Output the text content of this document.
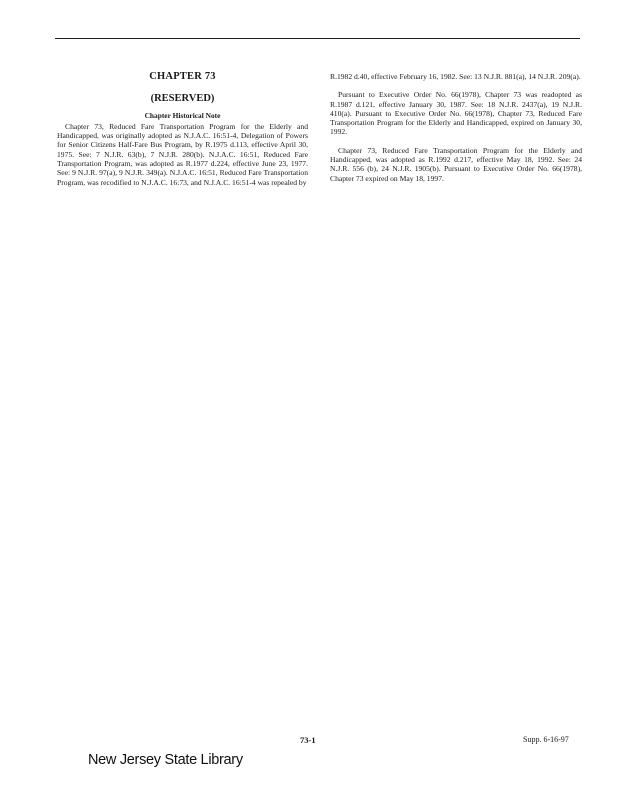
CHAPTER 73
(RESERVED)
Chapter Historical Note

Chapter 73, Reduced Fare Transportation Program for the Elderly and Handicapped, was originally adopted as N.J.A.C. 16:51-4, Delegation of Powers for Senior Citizens Half-Fare Bus Program, by R.1975 d.113, effective April 30, 1975. See: 7 N.J.R. 63(b), 7 N.J.R. 280(b). N.J.A.C. 16:51, Reduced Fare Transportation Program, was adopted as R.1977 d.224, effective June 23, 1977. See: 9 N.J.R. 97(a), 9 N.J.R. 349(a). N.J.A.C. 16:51, Reduced Fare Transportation Program, was recodified to N.J.A.C. 16:73, and N.J.A.C. 16:51-4 was repealed by

R.1982 d.40, effective February 16, 1982. See: 13 N.J.R. 881(a), 14 N.J.R. 209(a).

Pursuant to Executive Order No. 66(1978), Chapter 73 was readopted as R.1987 d.121, effective January 30, 1987. See: 18 N.J.R. 2437(a), 19 N.J.R. 410(a). Pursuant to Executive Order No. 66(1978), Chapter 73, Reduced Fare Transportation Program for the Elderly and Handicapped, expired on January 30, 1992.

Chapter 73, Reduced Fare Transportation Program for the Elderly and Handicapped, was adopted as R.1992 d.217, effective May 18, 1992. See: 24 N.J.R. 556 (b), 24 N.J.R. 1905(b). Pursuant to Executive Order No. 66(1978), Chapter 73 expired on May 18, 1997.

73-1	Supp. 6-16-97
New Jersey State Library
